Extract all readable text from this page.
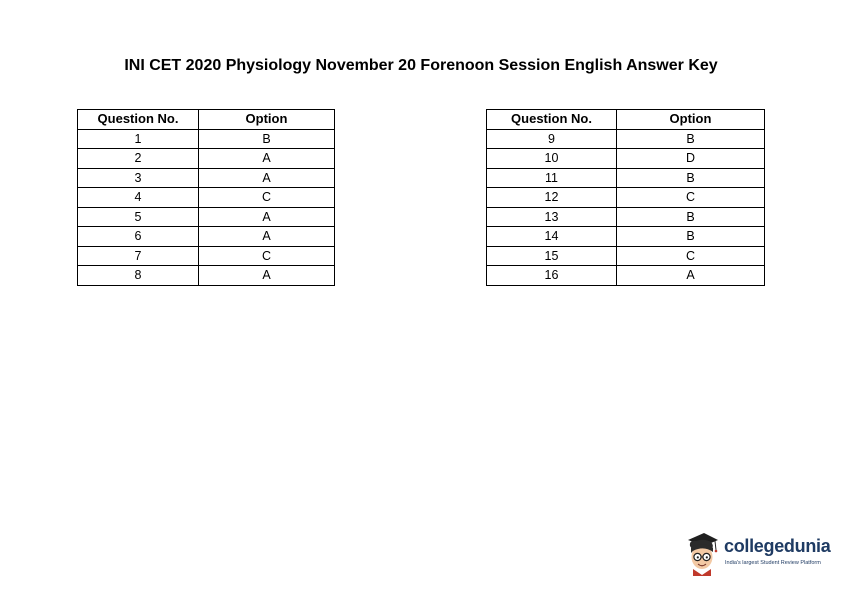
INI CET 2020 Physiology November 20 Forenoon Session English Answer Key
Question No.	Option
1	B
2	A
3	A
4	C
5	A
6	A
7	C
8	A
Question No.	Option
9	B
10	D
11	B
12	C
13	B
14	B
15	C
16	A
collegedunia
India's largest Student Review Platform
